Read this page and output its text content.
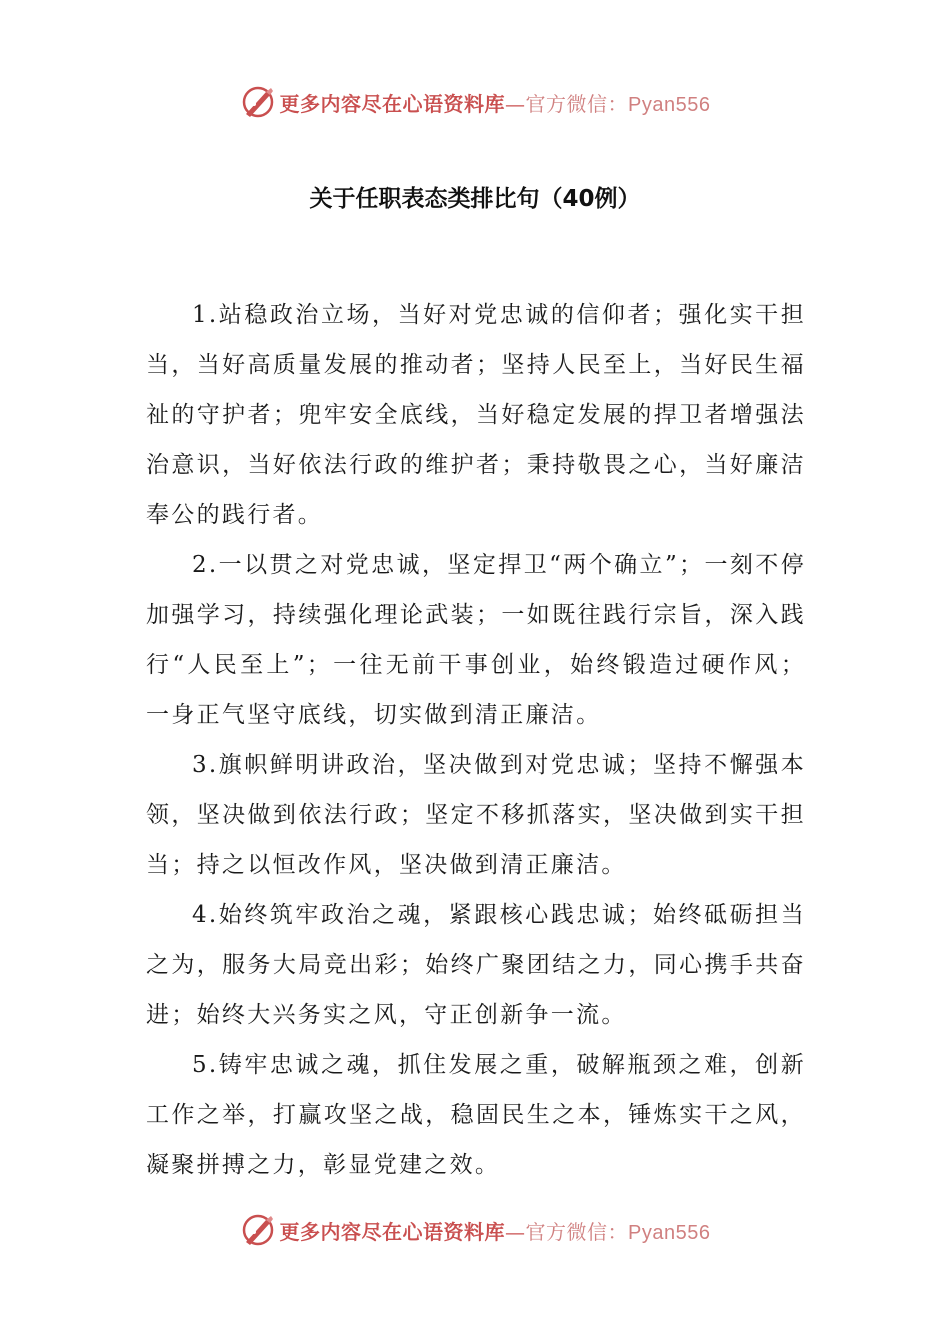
更多内容尽在心语资料库—官方微信：Pyan556
关于任职表态类排比句（40例）

1.站稳政治立场，当好对党忠诚的信仰者；强化实干担当，当好高质量发展的推动者；坚持人民至上，当好民生福祉的守护者；兜牢安全底线，当好稳定发展的捍卫者增强法治意识，当好依法行政的维护者；秉持敬畏之心，当好廉洁奉公的践行者。

2.一以贯之对党忠诚，坚定捍卫“两个确立”；一刻不停加强学习，持续强化理论武装；一如既往践行宗旨，深入践行“人民至上”；一往无前干事创业，始终锻造过硬作风；一身正气坚守底线，切实做到清正廉洁。

3.旗帜鲜明讲政治，坚决做到对党忠诚；坚持不懈强本领，坚决做到依法行政；坚定不移抓落实，坚决做到实干担当；持之以恒改作风，坚决做到清正廉洁。

4.始终筑牢政治之魂，紧跟核心践忠诚；始终砥砺担当之为，服务大局竞出彩；始终广聚团结之力，同心携手共奋进；始终大兴务实之风，守正创新争一流。

5.铸牢忠诚之魂，抓住发展之重，破解瓶颈之难，创新工作之举，打赢攻坚之战，稳固民生之本，锤炼实干之风，凝聚拼搏之力，彰显党建之效。

更多内容尽在心语资料库—官方微信：Pyan556
